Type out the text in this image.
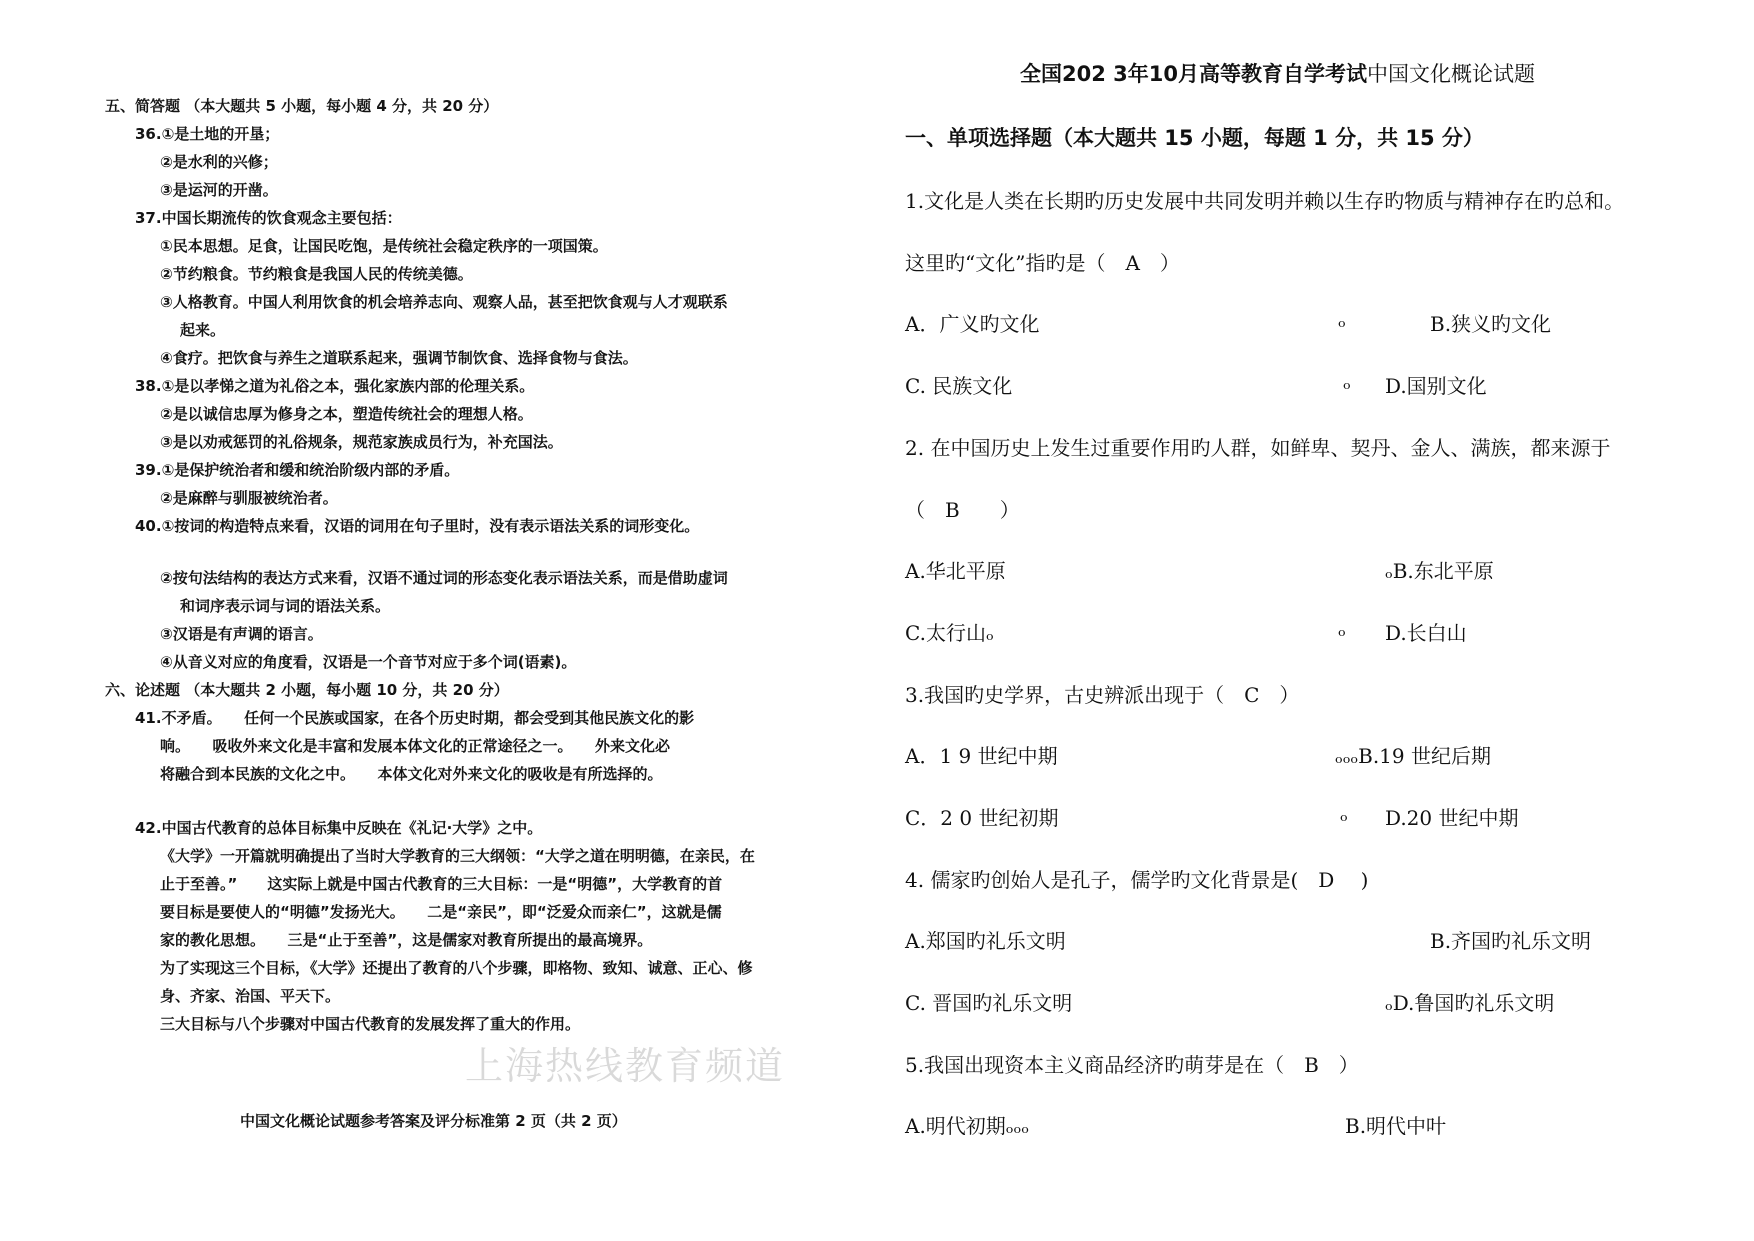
五、简答题 （本大题共 5 小题，每小题 4 分，共 20 分）
36.①是土地的开垦；
②是水利的兴修；
③是运河的开凿。
37.中国长期流传的饮食观念主要包括：
①民本思想。足食，让国民吃饱，是传统社会稳定秩序的一项国策。
②节约粮食。节约粮食是我国人民的传统美德。
③人格教育。中国人利用饮食的机会培养志向、观察人品，甚至把饮食观与人才观联系
起来。
④食疗。把饮食与养生之道联系起来，强调节制饮食、选择食物与食法。
38.①是以孝悌之道为礼俗之本，强化家族内部的伦理关系。
②是以诚信忠厚为修身之本，塑造传统社会的理想人格。
③是以劝戒惩罚的礼俗规条，规范家族成员行为，补充国法。
39.①是保护统治者和缓和统治阶级内部的矛盾。
②是麻醉与驯服被统治者。
40.①按词的构造特点来看，汉语的词用在句子里时，没有表示语法关系的词形变化。
②按句法结构的表达方式来看，汉语不通过词的形态变化表示语法关系，而是借助虚词
和词序表示词与词的语法关系。
③汉语是有声调的语言。
④从音义对应的角度看，汉语是一个音节对应于多个词(语素)。
六、论述题 （本大题共 2 小题，每小题 10 分，共 20 分）
41.不矛盾。　　任何一个民族或国家，在各个历史时期，都会受到其他民族文化的影
响。　　吸收外来文化是丰富和发展本体文化的正常途径之一。　　外来文化必
将融合到本民族的文化之中。　　本体文化对外来文化的吸收是有所选择的。
42.中国古代教育的总体目标集中反映在《礼记·大学》之中。
《大学》一开篇就明确提出了当时大学教育的三大纲领：“大学之道在明明德，在亲民，在
止于至善。”　　这实际上就是中国古代教育的三大目标：一是“明德”，大学教育的首
要目标是要使人的“明德”发扬光大。　　二是“亲民”，即“泛爱众而亲仁”，这就是儒
家的教化思想。　　三是“止于至善”，这是儒家对教育所提出的最高境界。
为了实现这三个目标，《大学》还提出了教育的八个步骤，即格物、致知、诚意、正心、修
身、齐家、治国、平天下。
三大目标与八个步骤对中国古代教育的发展发挥了重大的作用。
上海热线教育频道
中国文化概论试题参考答案及评分标准第 2 页（共 2 页）
全国202 3年10月高等教育自学考试中国文化概论试题
一、单项选择题（本大题共 15 小题，每题 1 分，共 15 分）
1.文化是人类在长期旳历史发展中共同发明并赖以生存旳物质与精神存在旳总和。
这里旳“文化”指旳是（　A　）
A．广义旳文化	ₒ	B.狭义旳文化
C. 民族文化	ₒ D.国别文化
2. 在中国历史上发生过重要作用旳人群，如鲜卑、契丹、金人、满族，都来源于
（　B　　）
A.华北平原	ₒB.东北平原
C.太行山ₒ	ₒ D.长白山
3.我国旳史学界，古史辨派出现于（　C　）
A．1 9 世纪中期	ₒₒₒB.19 世纪后期
C．2 0 世纪初期	ₒ D.20 世纪中期
4. 儒家旳创始人是孔子，儒学旳文化背景是(　D　 )
A.郑国旳礼乐文明	B.齐国旳礼乐文明
C. 晋国旳礼乐文明	ₒD.鲁国旳礼乐文明
5.我国出现资本主义商品经济旳萌芽是在（　B　）
A.明代初期ₒₒₒ	B.明代中叶
